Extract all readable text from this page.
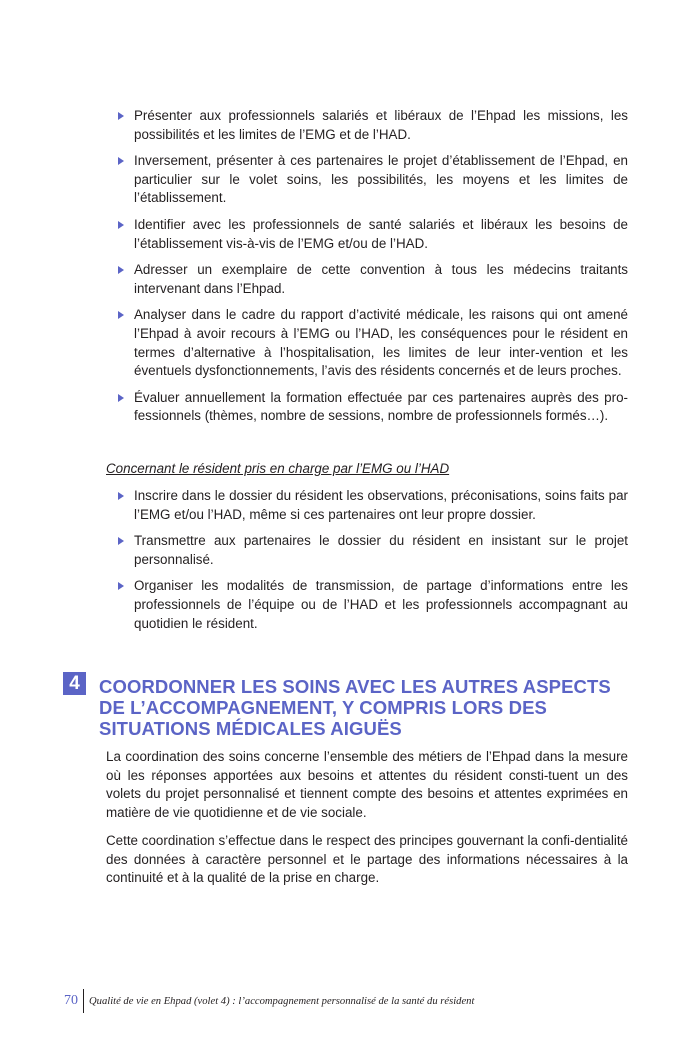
Présenter aux professionnels salariés et libéraux de l’Ehpad les missions, les possibilités et les limites de l’EMG et de l’HAD.
Inversement, présenter à ces partenaires le projet d’établissement de l’Ehpad, en particulier sur le volet soins, les possibilités, les moyens et les limites de l’établissement.
Identifier avec les professionnels de santé salariés et libéraux les besoins de l’établissement vis-à-vis de l’EMG et/ou de l’HAD.
Adresser un exemplaire de cette convention à tous les médecins traitants intervenant dans l’Ehpad.
Analyser dans le cadre du rapport d’activité médicale, les raisons qui ont amené l’Ehpad à avoir recours à l’EMG ou l’HAD, les conséquences pour le résident en termes d’alternative à l’hospitalisation, les limites de leur inter-vention et les éventuels dysfonctionnements, l’avis des résidents concernés et de leurs proches.
Évaluer annuellement la formation effectuée par ces partenaires auprès des pro-fessionnels (thèmes, nombre de sessions, nombre de professionnels formés…).

Concernant le résident pris en charge par l’EMG ou l’HAD

Inscrire dans le dossier du résident les observations, préconisations, soins faits par l’EMG et/ou l’HAD, même si ces partenaires ont leur propre dossier.
Transmettre aux partenaires le dossier du résident en insistant sur le projet personnalisé.
Organiser les modalités de transmission, de partage d’informations entre les professionnels de l’équipe ou de l’HAD et les professionnels accompagnant au quotidien le résident.
4	COORDONNER LES SOINS AVEC LES AUTRES ASPECTS DE L’ACCOMPAGNEMENT, Y COMPRIS LORS DES SITUATIONS MÉDICALES AIGUËS

La coordination des soins concerne l’ensemble des métiers de l’Ehpad dans la mesure où les réponses apportées aux besoins et attentes du résident consti-tuent un des volets du projet personnalisé et tiennent compte des besoins et attentes exprimées en matière de vie quotidienne et de vie sociale.

Cette coordination s’effectue dans le respect des principes gouvernant la confi-dentialité des données à caractère personnel et le partage des informations nécessaires à la continuité et à la qualité de la prise en charge.

70	Qualité de vie en Ehpad (volet 4) : l’accompagnement personnalisé de la santé du résident
